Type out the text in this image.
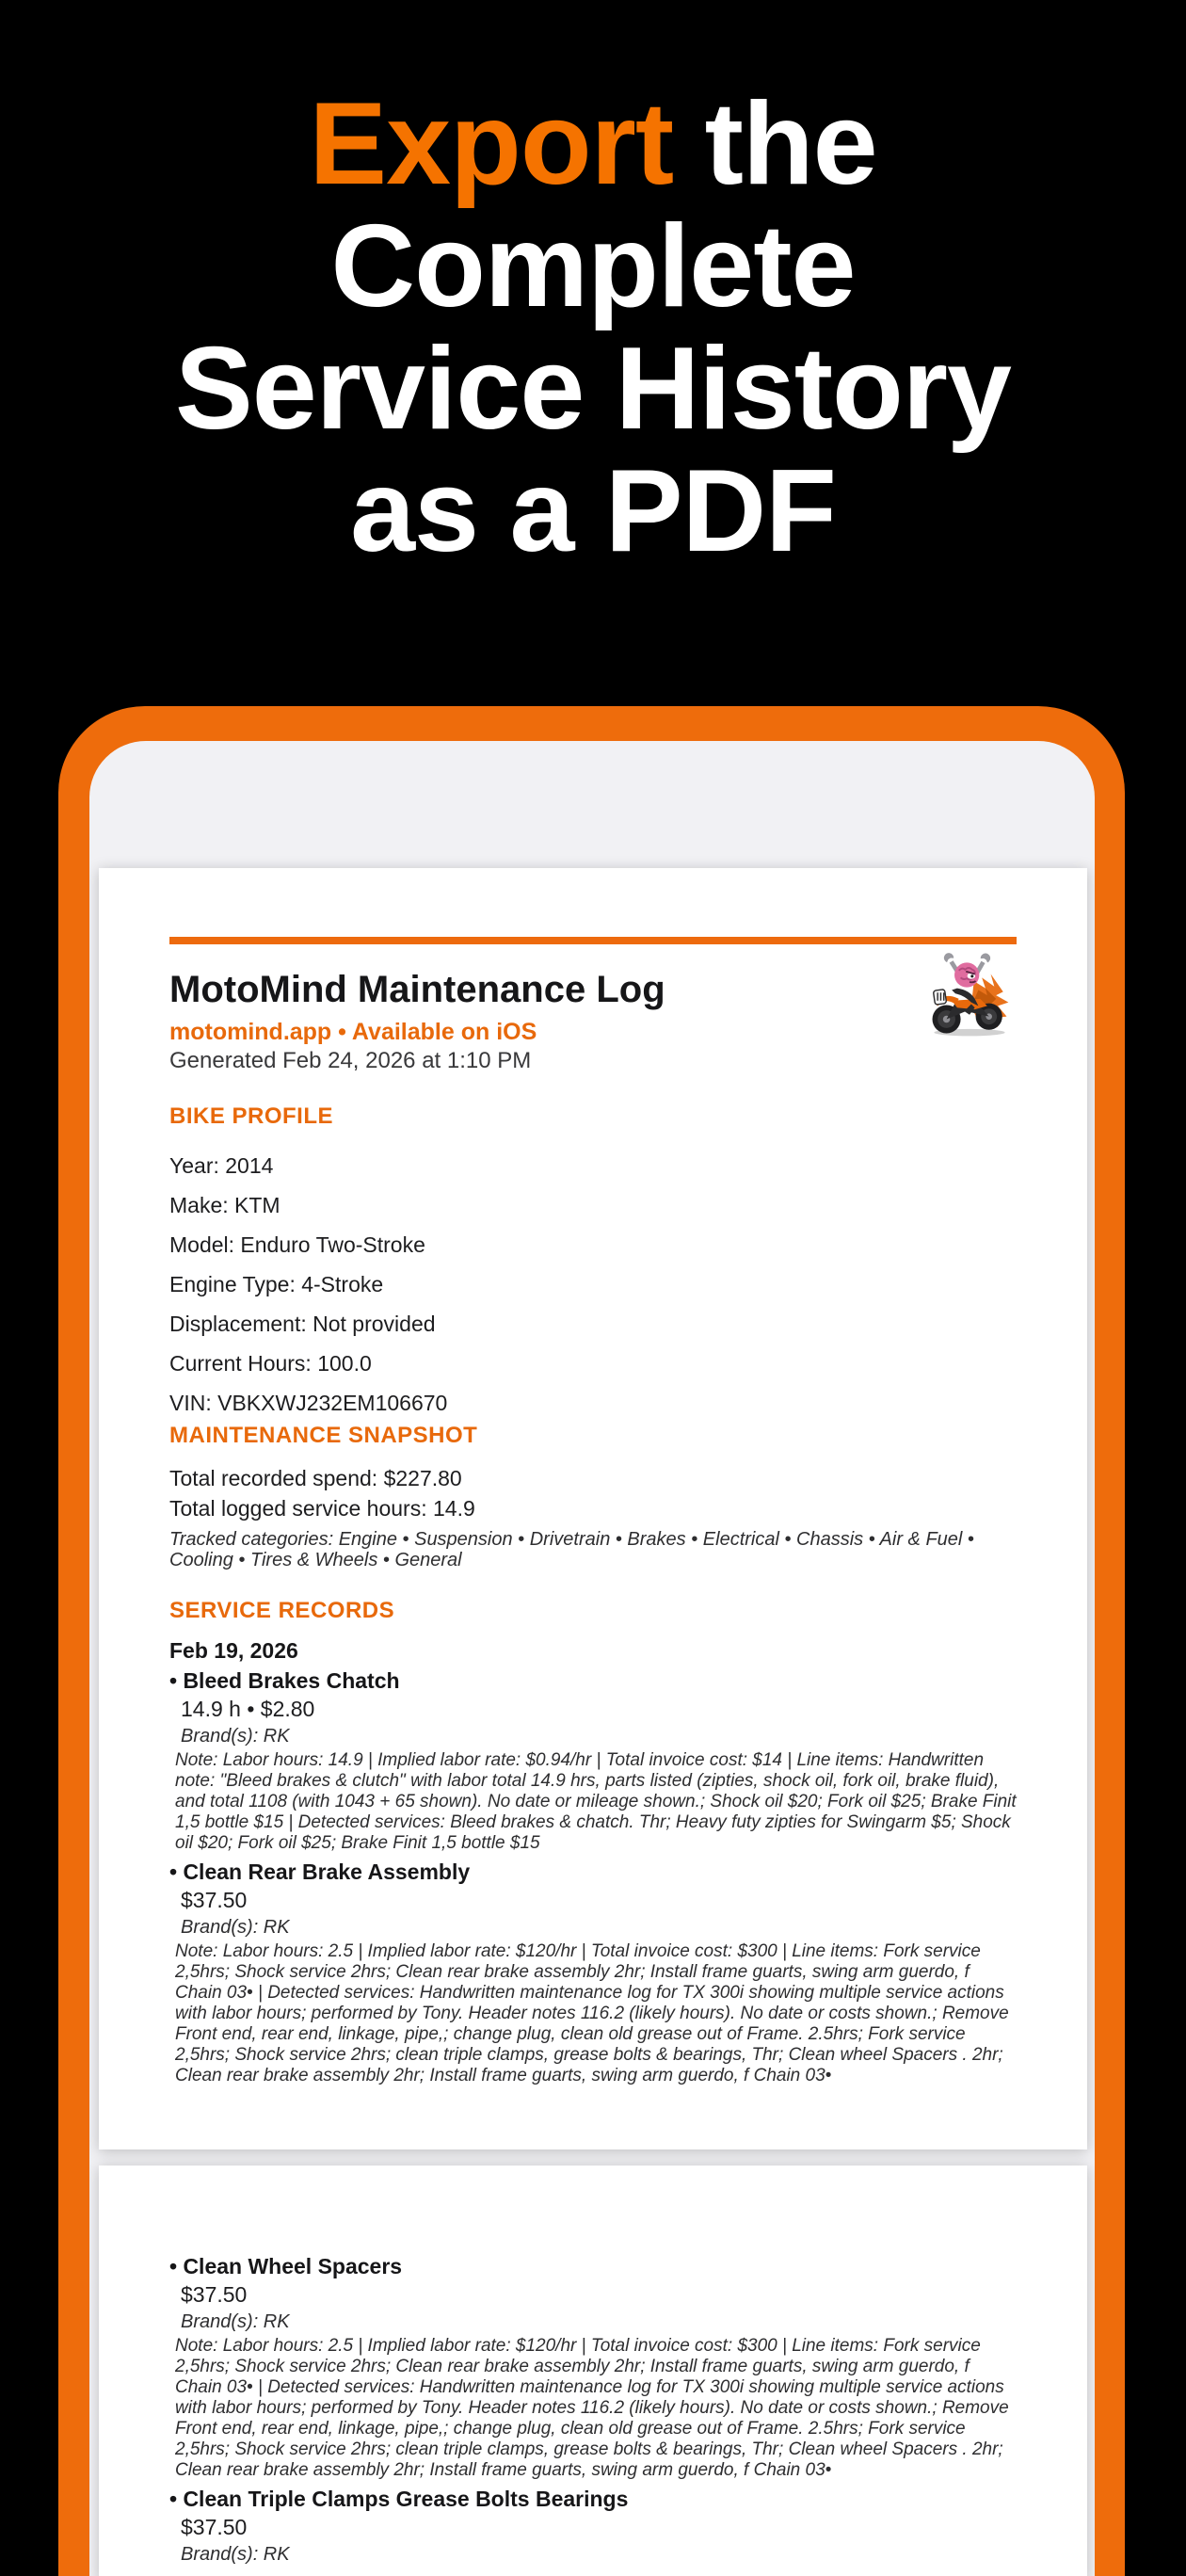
Export the
Complete
Service History
as a PDF
MotoMind Maintenance Log
motomind.app • Available on iOS
Generated Feb 24, 2026 at 1:10 PM
BIKE PROFILE
Year: 2014
Make: KTM
Model: Enduro Two-Stroke
Engine Type: 4-Stroke
Displacement: Not provided
Current Hours: 100.0
VIN: VBKXWJ232EM106670
MAINTENANCE SNAPSHOT
Total recorded spend: $227.80
Total logged service hours: 14.9
Tracked categories: Engine • Suspension • Drivetrain • Brakes • Electrical • Chassis • Air & Fuel • Cooling • Tires & Wheels • General
SERVICE RECORDS
Feb 19, 2026
• Bleed Brakes Chatch
14.9 h • $2.80
Brand(s): RK
Note: Labor hours: 14.9 | Implied labor rate: $0.94/hr | Total invoice cost: $14 | Line items: Handwritten note: "Bleed brakes & clutch" with labor total 14.9 hrs, parts listed (zipties, shock oil, fork oil, brake fluid), and total 1108 (with 1043 + 65 shown). No date or mileage shown.; Shock oil $20; Fork oil $25; Brake Finit 1,5 bottle $15 | Detected services: Bleed brakes & chatch. Thr; Heavy futy zipties for Swingarm $5; Shock oil $20; Fork oil $25; Brake Finit 1,5 bottle $15
• Clean Rear Brake Assembly
$37.50
Brand(s): RK
Note: Labor hours: 2.5 | Implied labor rate: $120/hr | Total invoice cost: $300 | Line items: Fork service 2,5hrs; Shock service 2hrs; Clean rear brake assembly 2hr; Install frame guarts, swing arm guerdo, f Chain 03• | Detected services: Handwritten maintenance log for TX 300i showing multiple service actions with labor hours; performed by Tony. Header notes 116.2 (likely hours). No date or costs shown.; Remove Front end, rear end, linkage, pipe,; change plug, clean old grease out of Frame. 2.5hrs; Fork service 2,5hrs; Shock service 2hrs; clean triple clamps, grease bolts & bearings, Thr; Clean wheel Spacers . 2hr; Clean rear brake assembly 2hr; Install frame guarts, swing arm guerdo, f Chain 03•
• Clean Wheel Spacers
$37.50
Brand(s): RK
Note: Labor hours: 2.5 | Implied labor rate: $120/hr | Total invoice cost: $300 | Line items: Fork service 2,5hrs; Shock service 2hrs; Clean rear brake assembly 2hr; Install frame guarts, swing arm guerdo, f Chain 03• | Detected services: Handwritten maintenance log for TX 300i showing multiple service actions with labor hours; performed by Tony. Header notes 116.2 (likely hours). No date or costs shown.; Remove Front end, rear end, linkage, pipe,; change plug, clean old grease out of Frame. 2.5hrs; Fork service 2,5hrs; Shock service 2hrs; clean triple clamps, grease bolts & bearings, Thr; Clean wheel Spacers . 2hr; Clean rear brake assembly 2hr; Install frame guarts, swing arm guerdo, f Chain 03•
• Clean Triple Clamps Grease Bolts Bearings
$37.50
Brand(s): RK
